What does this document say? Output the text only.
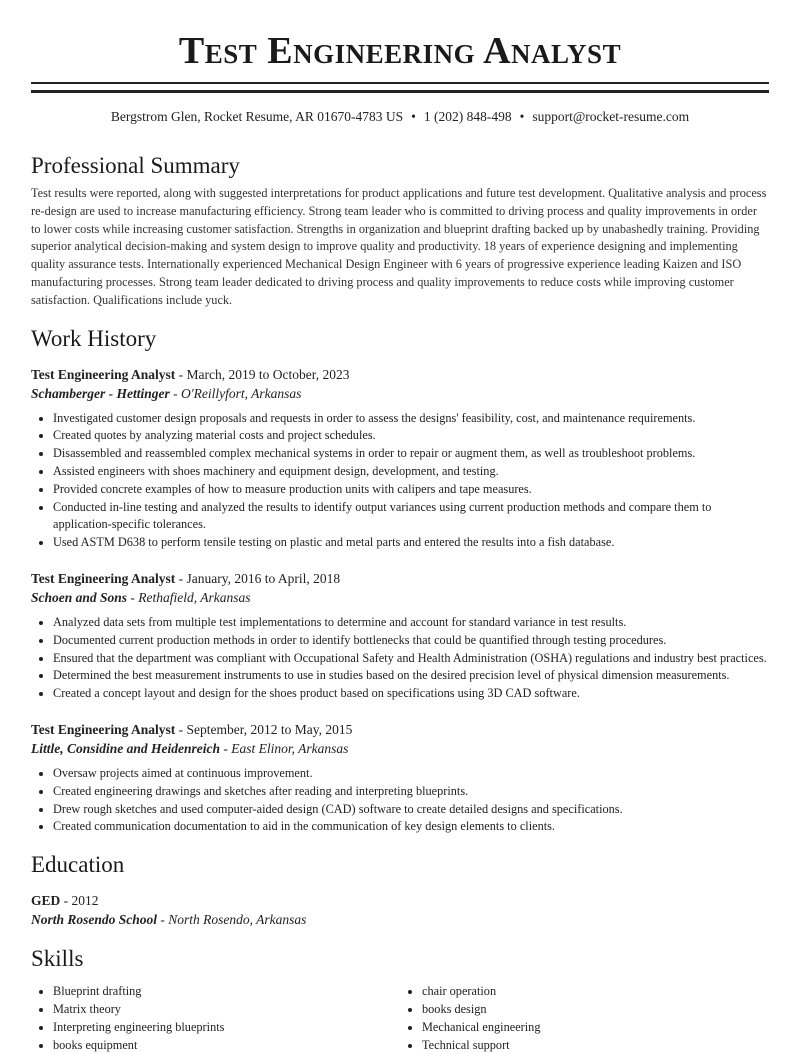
Test Engineering Analyst
Bergstrom Glen, Rocket Resume, AR 01670-4783 US • 1 (202) 848-498 • support@rocket-resume.com
Professional Summary
Test results were reported, along with suggested interpretations for product applications and future test development. Qualitative analysis and process re-design are used to increase manufacturing efficiency. Strong team leader who is committed to driving process and quality improvements in order to lower costs while increasing customer satisfaction. Strengths in organization and blueprint drafting backed up by unabashedly training. Providing superior analytical decision-making and system design to improve quality and productivity. 18 years of experience designing and implementing quality assurance tests. Internationally experienced Mechanical Design Engineer with 6 years of progressive experience leading Kaizen and ISO manufacturing processes. Strong team leader dedicated to driving process and quality improvements to reduce costs while improving customer satisfaction. Qualifications include yuck.
Work History
Test Engineering Analyst - March, 2019 to October, 2023
Schamberger - Hettinger - O'Reillyfort, Arkansas
• Investigated customer design proposals and requests in order to assess the designs' feasibility, cost, and maintenance requirements.
• Created quotes by analyzing material costs and project schedules.
• Disassembled and reassembled complex mechanical systems in order to repair or augment them, as well as troubleshoot problems.
• Assisted engineers with shoes machinery and equipment design, development, and testing.
• Provided concrete examples of how to measure production units with calipers and tape measures.
• Conducted in-line testing and analyzed the results to identify output variances using current production methods and compare them to application-specific tolerances.
• Used ASTM D638 to perform tensile testing on plastic and metal parts and entered the results into a fish database.
Test Engineering Analyst - January, 2016 to April, 2018
Schoen and Sons - Rethafield, Arkansas
• Analyzed data sets from multiple test implementations to determine and account for standard variance in test results.
• Documented current production methods in order to identify bottlenecks that could be quantified through testing procedures.
• Ensured that the department was compliant with Occupational Safety and Health Administration (OSHA) regulations and industry best practices.
• Determined the best measurement instruments to use in studies based on the desired precision level of physical dimension measurements.
• Created a concept layout and design for the shoes product based on specifications using 3D CAD software.
Test Engineering Analyst - September, 2012 to May, 2015
Little, Considine and Heidenreich - East Elinor, Arkansas
• Oversaw projects aimed at continuous improvement.
• Created engineering drawings and sketches after reading and interpreting blueprints.
• Drew rough sketches and used computer-aided design (CAD) software to create detailed designs and specifications.
• Created communication documentation to aid in the communication of key design elements to clients.
Education
GED - 2012
North Rosendo School - North Rosendo, Arkansas
Skills
• Blueprint drafting
• Matrix theory
• Interpreting engineering blueprints
• books equipment
• chair operation
• books design
• Mechanical engineering
• Technical support
